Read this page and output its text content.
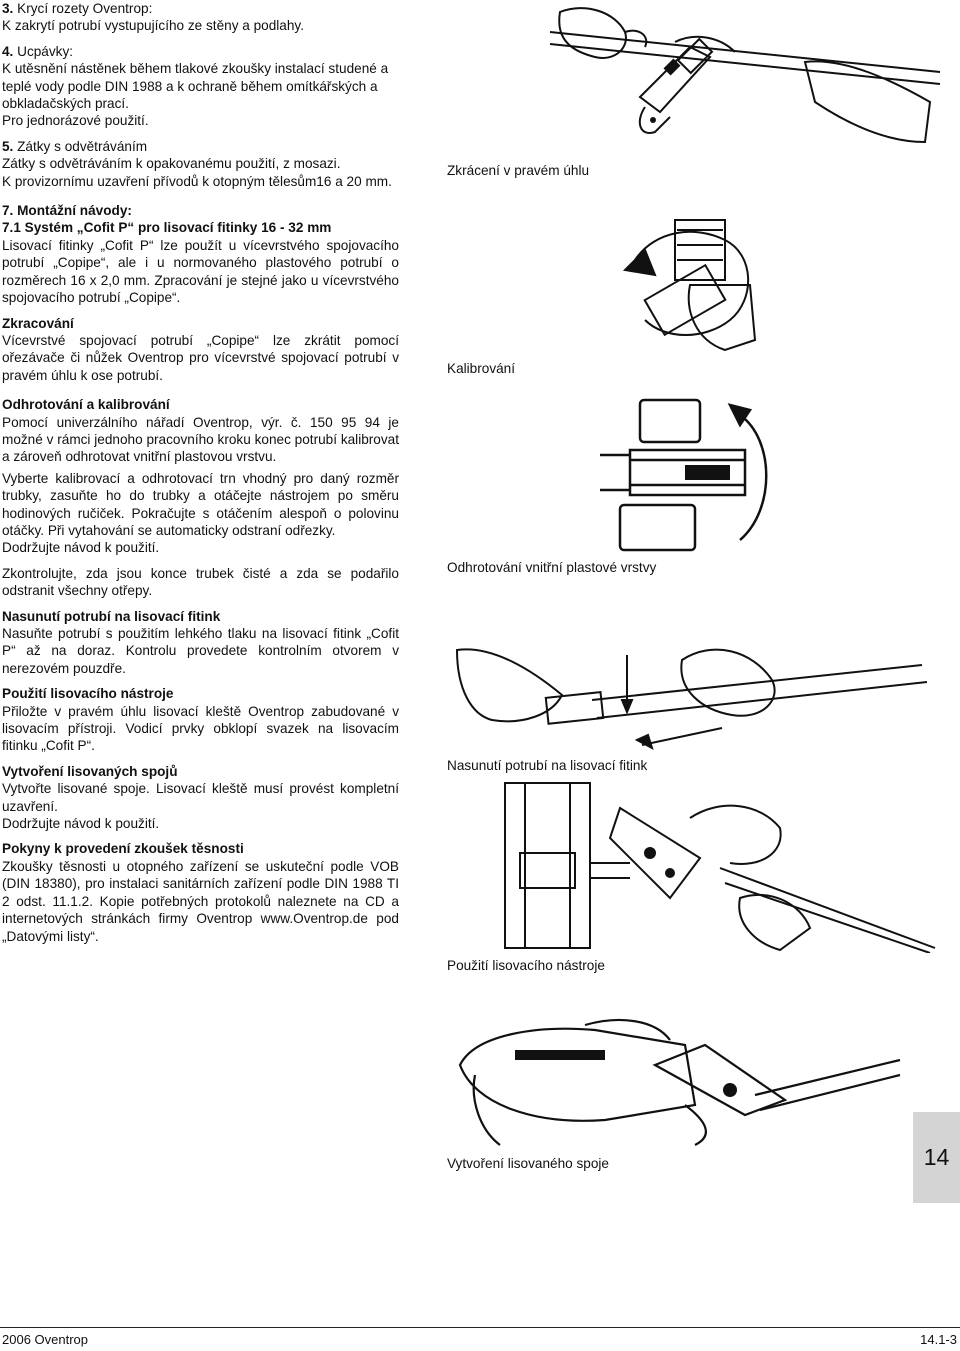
3. Krycí rozety Oventrop:

K zakrytí potrubí vystupujícího ze stěny a podlahy.

4. Ucpávky:

K utěsnění nástěnek během tlakové zkoušky instalací studené a teplé vody podle DIN 1988 a k ochraně během omítkářských a obkladačských prací.

Pro jednorázové použití.

5. Zátky s odvětráváním

Zátky s odvětráváním k opakovanému použití, z mosazi.

K provizornímu uzavření přívodů k otopným tělesům16 a 20 mm.

7. Montážní návody:

7.1 Systém „Cofit P“ pro lisovací fitinky 16 - 32 mm

Lisovací fitinky „Cofit P“ lze použít u vícevrstvého spojovacího potrubí „Copipe“, ale i u normovaného plastového potrubí o rozměrech 16 x 2,0 mm. Zpracování je stejné jako u vícevrstvého spojovacího potrubí „Copipe“.

Zkracování

Vícevrstvé spojovací potrubí „Copipe“ lze zkrátit pomocí ořezávače či nůžek Oventrop pro vícevrstvé spojovací potrubí v pravém úhlu k ose potrubí.

Odhrotování a kalibrování

Pomocí univerzálního nářadí Oventrop, výr. č. 150 95 94 je možné v rámci jednoho pracovního kroku konec potrubí kalibrovat a zároveň odhrotovat vnitřní plastovou vrstvu.

Vyberte kalibrovací a odhrotovací trn vhodný pro daný rozměr trubky, zasuňte ho do trubky a otáčejte nástrojem po směru hodinových ručiček. Pokračujte s otáčením alespoň o polovinu otáčky. Při vytahování se automaticky odstraní odřezky.

Dodržujte návod k použití.

Zkontrolujte, zda jsou konce trubek čisté a zda se podařilo odstranit všechny otřepy.

Nasunutí potrubí na lisovací fitink

Nasuňte potrubí s použitím lehkého tlaku na lisovací fitink „Cofit P“ až na doraz. Kontrolu provedete kontrolním otvorem v nerezovém pouzdře.

Použití lisovacího nástroje

Přiložte v pravém úhlu lisovací kleště Oventrop zabudované v lisovacím přístroji. Vodicí prvky obklopí svazek na lisovacím fitinku „Cofit P“.

Vytvoření lisovaných spojů

Vytvořte lisované spoje. Lisovací kleště musí provést kompletní uzavření.

Dodržujte návod k použití.

Pokyny k provedení zkoušek těsnosti

Zkoušky těsnosti u otopného zařízení se uskuteční podle VOB (DIN 18380), pro instalaci sanitárních zařízení podle DIN 1988 TI 2 odst. 11.1.2. Kopie potřebných protokolů naleznete na CD a internetových stránkách firmy Oventrop www.Oventrop.de pod „Datovými listy“.

Zkrácení v pravém úhlu
Kalibrování
Odhrotování vnitřní plastové vrstvy
Nasunutí potrubí na lisovací fitink
Použití lisovacího nástroje
Vytvoření lisovaného spoje	14
2006 Oventrop	14.1-3
